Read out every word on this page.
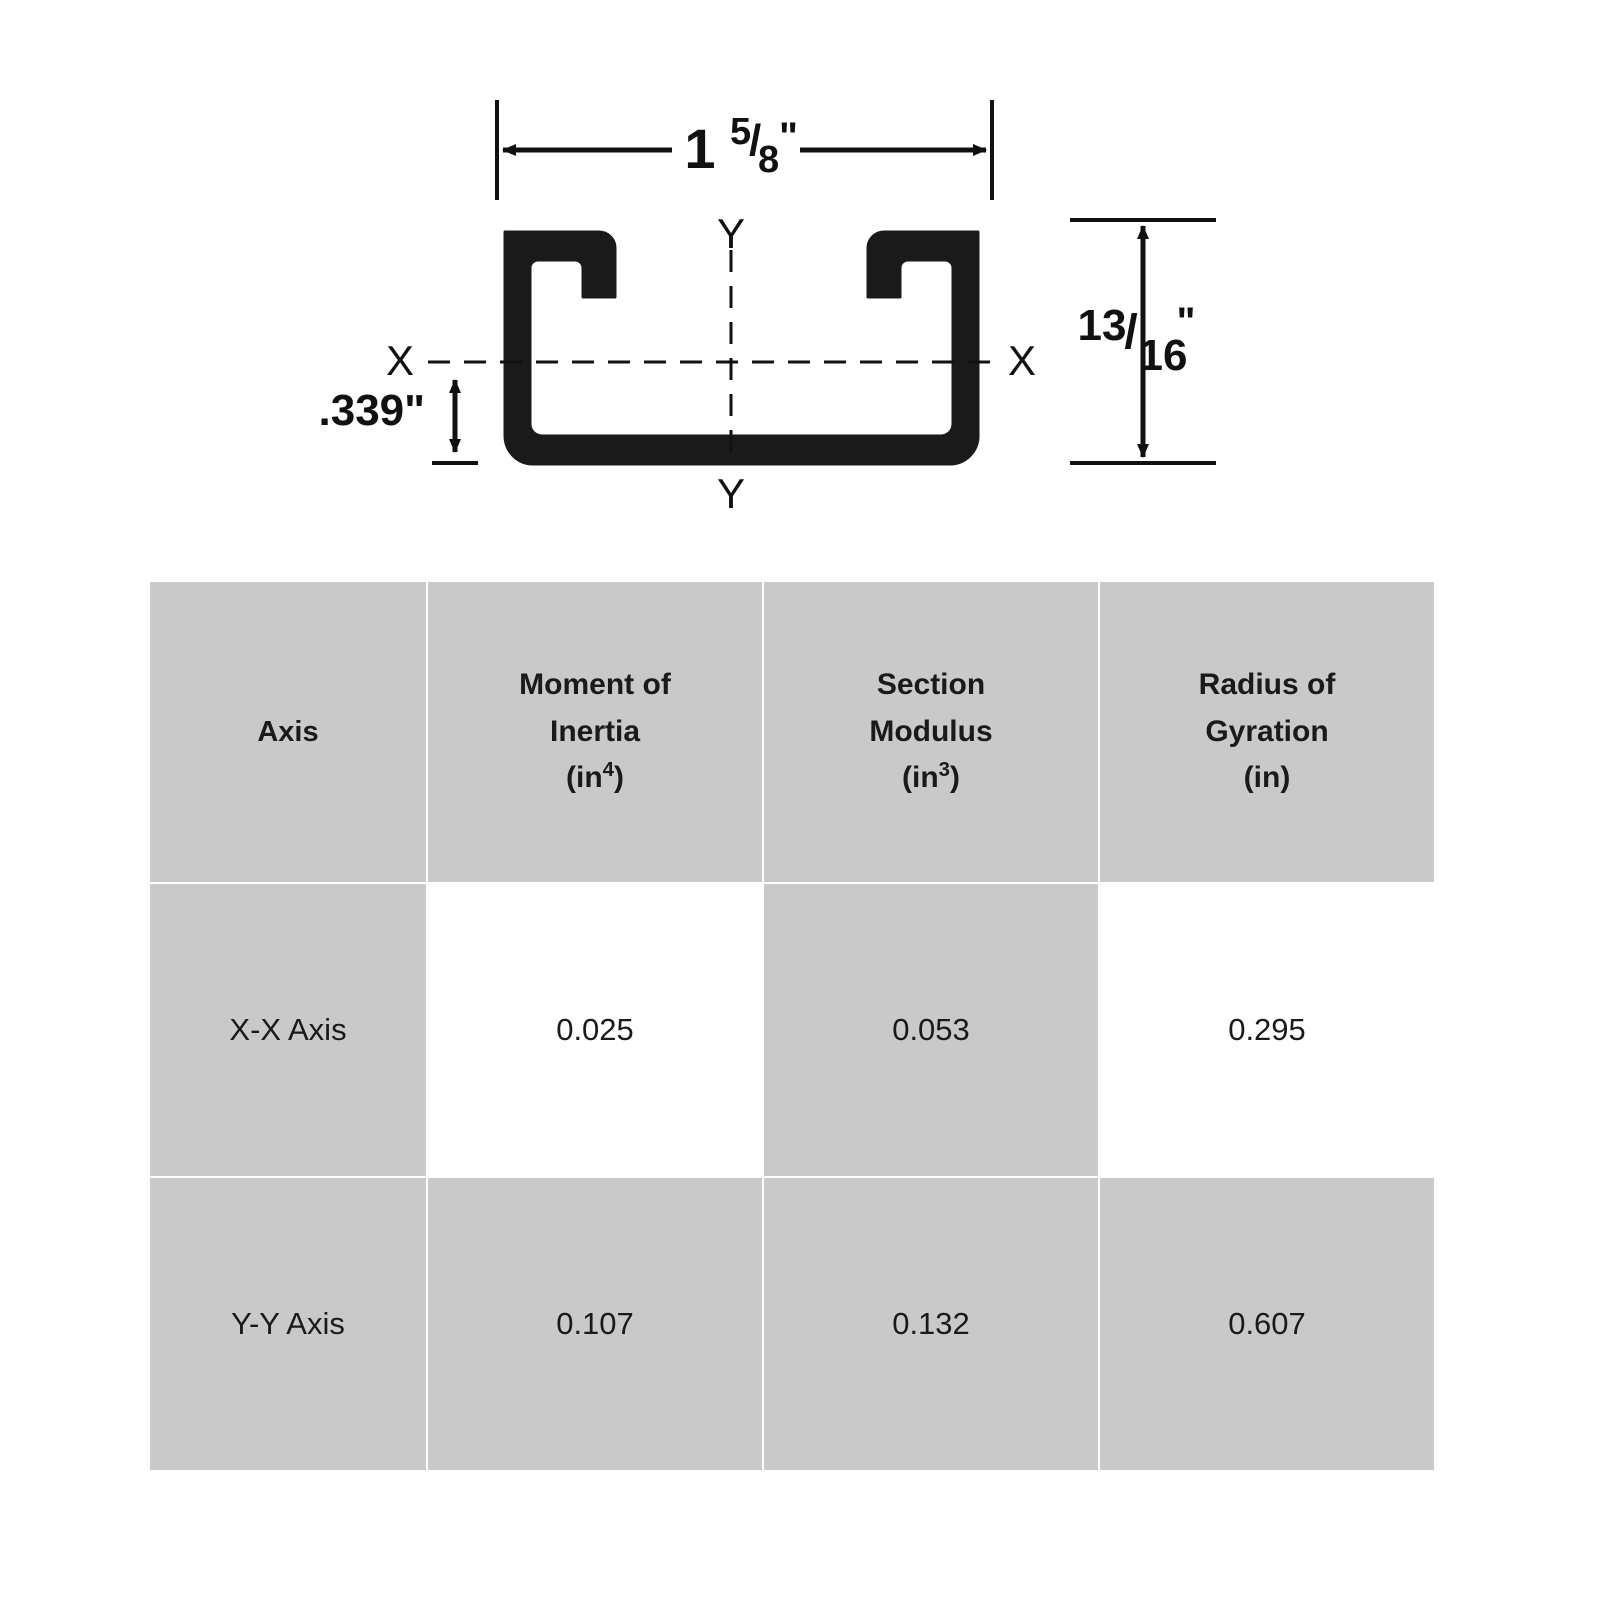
1 5
/
8
"
X	X
Y
Y
.339"
13
/ 16
"
Axis	
Moment of
Inertia
$(in^4)$

Section
Modulus
$(in^3)$

Radius of
Gyration
(in)

X-X Axis	0.025	0.053	0.295
Y-Y Axis	0.107	0.132	0.607
